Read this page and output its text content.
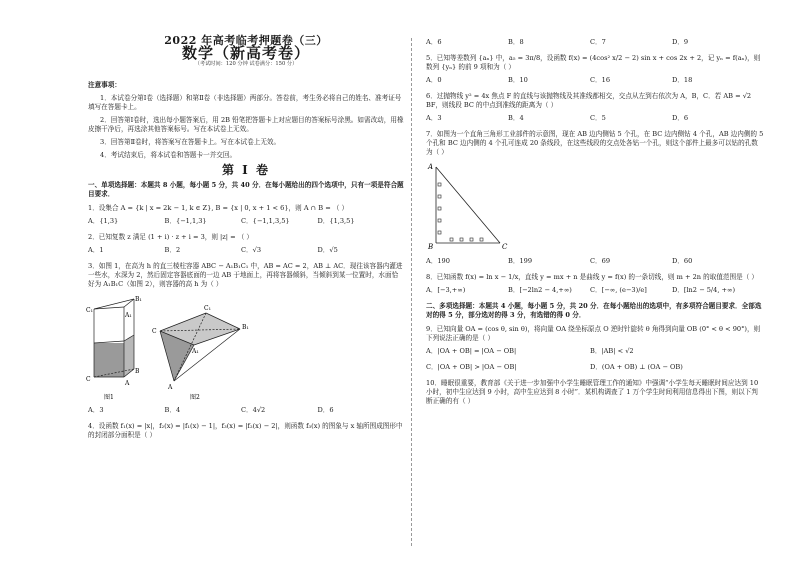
2022 年高考临考押题卷（三）
数学（新高考卷）
（考试时间：120 分钟 试卷满分：150 分）
注意事项：
1．本试卷分第Ⅰ卷（选择题）和第Ⅱ卷（非选择题）两部分。答卷前，考生务必将自己的姓名、准考证号填写在答题卡上。
2．回答第Ⅰ卷时，选出每小题答案后，用 2B 铅笔把答题卡上对应题目的答案标号涂黑。如需改动，用橡皮擦干净后，再选涂其他答案标号。写在本试卷上无效。
3．回答第Ⅱ卷时，将答案写在答题卡上。写在本试卷上无效。
4．考试结束后，将本试卷和答题卡一并交回。
第 Ⅰ 卷
一、单项选择题：本题共 8 小题，每小题 5 分，共 40 分．在每小题给出的四个选项中，只有一项是符合题目要求．
1．设集合 A = {k | x = 2k − 1, k ∈ Z}, B = {x | 0, x + 1 < 6}，则 A ∩ B = （ ）
A．{1,3}	B．{−1,1,3}	C．{−1,1,3,5}	D．{1,3,5}
2．已知复数 z 满足 (1 + i) · z + i = 3，则 |z| = （ ）
A．1	B．2	C．√3	D．√5
3．如图 1，在高为 h 的直三棱柱容器 ABC − A₁B₁C₁ 中，AB = AC = 2，AB ⊥ AC．现往该容器内灌进一些水，水深为 2，然后固定容器底面的一边 AB 于地面上，再将容器倾斜，当倾斜到某一位置时，水面恰好为 A₁B₁C（如图 2），则容器的高 h 为（ ）
C₁
B₁
A₁
C
B
A
C
C₁
B₁
A₁
A
图1	图2
A．3	B．4	C．4√2	D．6
4．设函数 f₁(x) = |x|，f₂(x) = |f₁(x) − 1|，f₃(x) = |f₂(x) − 2|，则函数 f₃(x) 的图象与 x 轴所围成图形中的封闭部分面积是（ ）
A．6	B．8	C．7	D．9
5．已知等差数列 {aₙ} 中，a₅ = 3π/8，设函数 f(x) = (4cos² x/2 − 2) sin x + cos 2x + 2，记 yₙ = f(aₙ)，则数列 {yₙ} 的前 9 项和为（ ）
A．0	B．10	C．16	D．18
6．过抛物线 y² = 4x 焦点 F 的直线与该抛物线及其准线都相交，交点从左到右依次为 A，B，C．若 AB = √2 BF，则线段 BC 的中点到准线的距离为（ ）
A．3	B．4	C．5	D．6
7．如图为一个直角三角形工业部件的示意图，现在 AB 边内侧钻 5 个孔，在 BC 边内侧钻 4 个孔，AB 边内侧的 5 个孔和 BC 边内侧的 4 个孔可连成 20 条线段，在这些线段的交点处各钻一个孔，则这个部件上最多可以钻的孔数为（ ）
A
B	C
A．190	B．199	C．69	D．60
8．已知函数 f(x) = ln x − 1/x，直线 y = mx + n 是曲线 y = f(x) 的一条切线，则 m + 2n 的取值范围是（ ）
A．[−3,+∞)	B．[−2ln2 − 4,+∞)	C．[−∞, (e−3)/e]	D．[ln2 − 5/4, +∞)
二、多项选择题：本题共 4 小题，每小题 5 分，共 20 分．在每小题给出的选项中，有多项符合题目要求．全部选对的得 5 分，部分选对的得 3 分，有选错的得 0 分．
9．已知向量 OA = (cos θ, sin θ)，将向量 OA 绕坐标原点 O 逆时针旋转 θ 角得到向量 OB (0° < θ < 90°)，则下列说法正确的是（ ）
A．|OA + OB| = |OA − OB|	B．|AB| < √2
C．|OA + OB| > |OA − OB|	D．(OA + OB) ⊥ (OA − OB)
10．睡眠很重要，教育部《关于进一步加强中小学生睡眠管理工作的通知》中强调“小学生每天睡眠时间应达到 10 小时，初中生应达到 9 小时，高中生应达到 8 小时”．某机构调查了 1 万个学生时间利用信息得出下图，则以下判断正确的有（ ）
